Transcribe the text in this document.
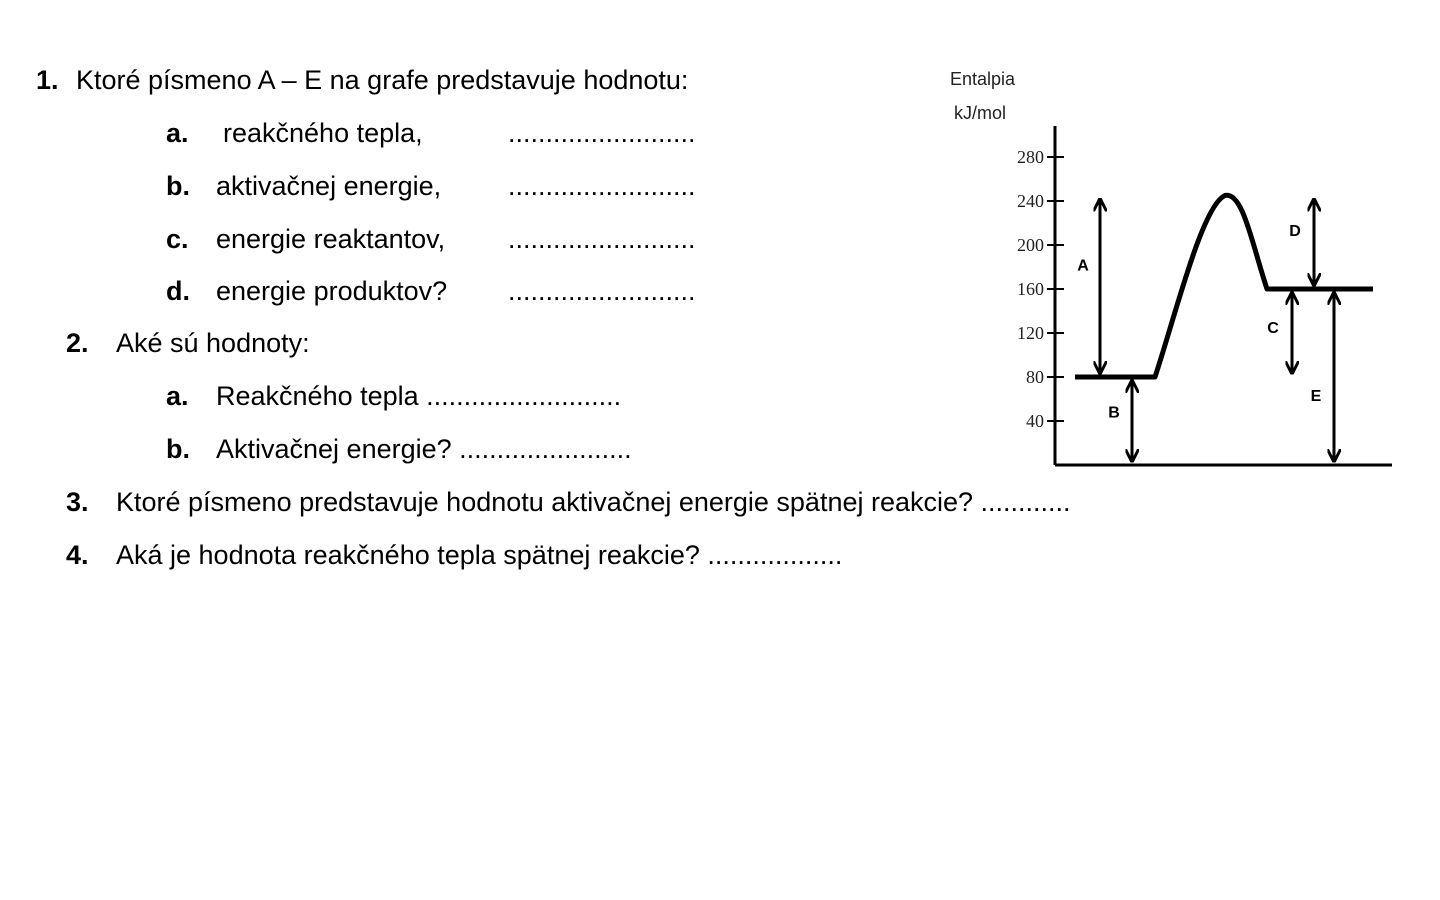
1. Ktoré písmeno A – E na grafe predstavuje hodnotu:
a. reakčného tepla,	.........................
b. aktivačnej energie, .........................
c. energie reaktantov, .........................
d. energie produktov? .........................
2. Aké sú hodnoty:
a. Reakčného tepla ..........................
b. Aktivačnej energie? .......................
3. Ktoré písmeno predstavuje hodnotu aktivačnej energie spätnej reakcie? ............
4. Aká je hodnota reakčného tepla spätnej reakcie? ..................
Entalpia
kJ/mol
40
80
120
160
200
240
280
A
B
C
D
E
